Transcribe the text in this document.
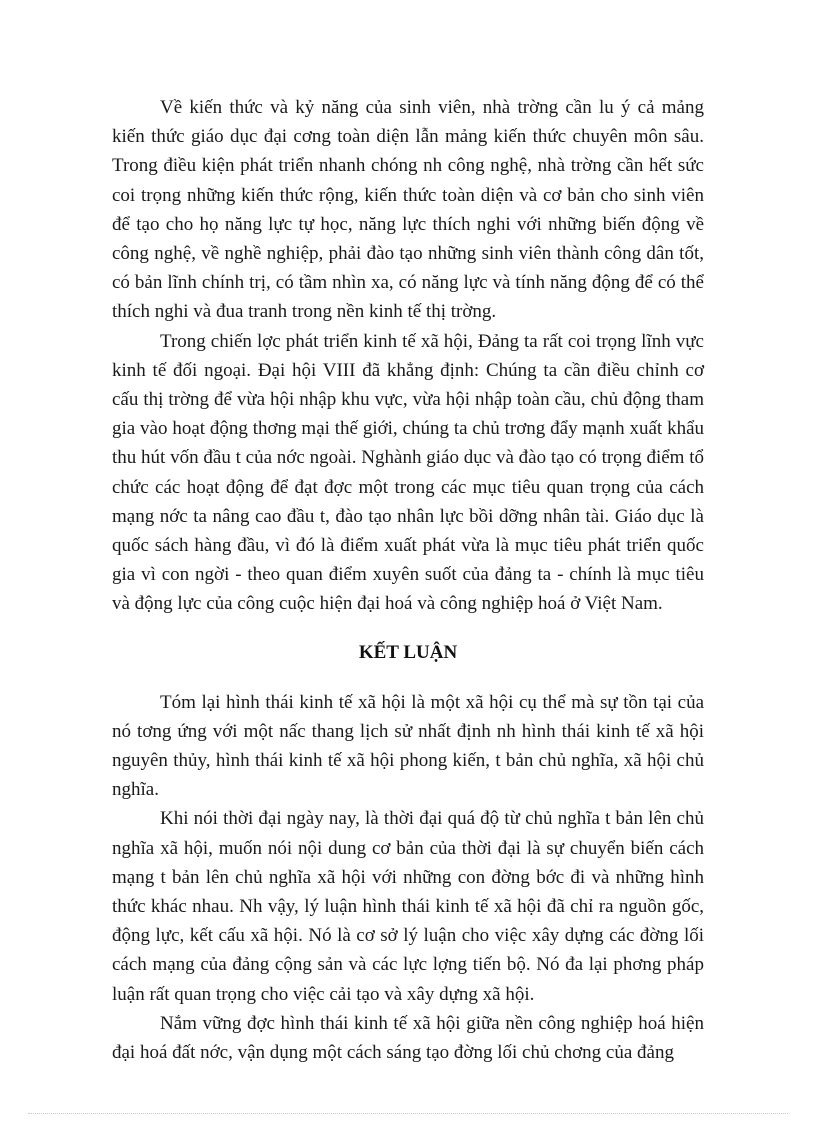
Về kiến thức và kỷ năng của sinh viên, nhà trờng cần lu ý cả mảng kiến thức giáo dục đại cơng toàn diện lẫn mảng kiến thức chuyên môn sâu. Trong điều kiện phát triển nhanh chóng nh công nghệ, nhà trờng cần hết sức coi trọng những kiến thức rộng, kiến thức toàn diện và cơ bản cho sinh viên để tạo cho họ năng lực tự học, năng lực thích nghi với những biến động về công nghệ, về nghề nghiệp, phải đào tạo những sinh viên thành công dân tốt, có bản lĩnh chính trị, có tầm nhìn xa, có năng lực và tính năng động để có thể thích nghi và đua tranh trong nền kinh tế thị trờng.

Trong chiến lợc phát triển kinh tế xã hội, Đảng ta rất coi trọng lĩnh vực kinh tế đối ngoại. Đại hội VIII đã khẳng định: Chúng ta cần điều chỉnh cơ cấu thị trờng để vừa hội nhập khu vực, vừa hội nhập toàn cầu, chủ động tham gia vào hoạt động thơng mại thế giới, chúng ta chủ trơng đẩy mạnh xuất khẩu thu hút vốn đầu t của nớc ngoài. Nghành giáo dục và đào tạo có trọng điểm tổ chức các hoạt động để đạt đợc một trong các mục tiêu quan trọng của cách mạng nớc ta nâng cao đầu t, đào tạo nhân lực bồi dỡng nhân tài. Giáo dục là quốc sách hàng đầu, vì đó là điểm xuất phát vừa là mục tiêu phát triển quốc gia vì con ngời - theo quan điểm xuyên suốt của đảng ta - chính là mục tiêu và động lực của công cuộc hiện đại hoá và công nghiệp hoá ở Việt Nam.

KẾT LUẬN

Tóm lại hình thái kinh tế xã hội là một xã hội cụ thể mà sự tồn tại của nó tơng ứng với một nấc thang lịch sử nhất định nh hình thái kinh tế xã hội nguyên thủy, hình thái kinh tế xã hội phong kiến, t bản chủ nghĩa, xã hội chủ nghĩa.

Khi nói thời đại ngày nay, là thời đại quá độ từ chủ nghĩa t bản lên chủ nghĩa xã hội, muốn nói nội dung cơ bản của thời đại là sự chuyển biến cách mạng t bản lên chủ nghĩa xã hội với những con đờng bớc đi và những hình thức khác nhau. Nh vậy, lý luận hình thái kinh tế xã hội đã chỉ ra nguồn gốc, động lực, kết cấu xã hội. Nó là cơ sở lý luận cho việc xây dựng các đờng lối cách mạng của đảng cộng sản và các lực lợng tiến bộ. Nó đa lại phơng pháp luận rất quan trọng cho việc cải tạo và xây dựng xã hội.

Nắm vững đợc hình thái kinh tế xã hội giữa nền công nghiệp hoá hiện đại hoá đất nớc, vận dụng một cách sáng tạo đờng lối chủ chơng của đảng
